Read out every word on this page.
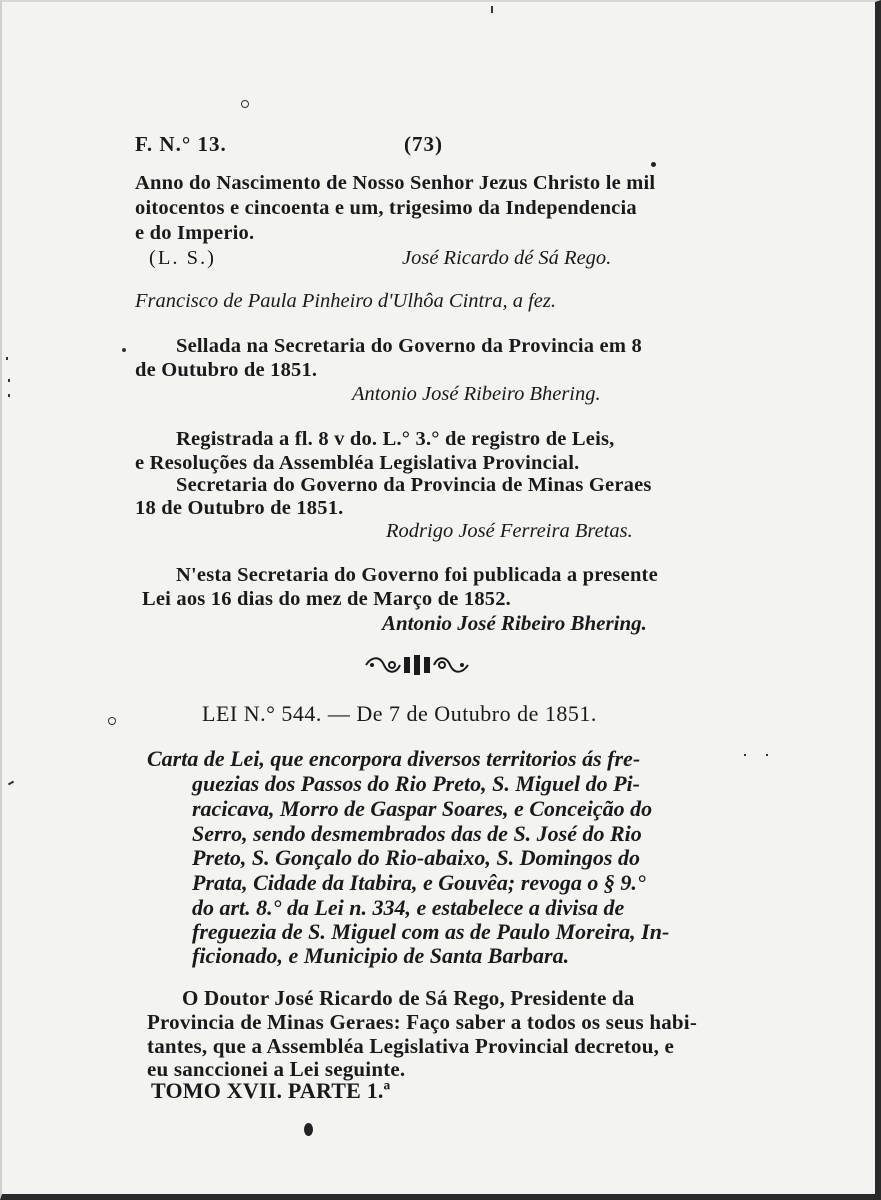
F. N.° 13.	(73)
Anno do Nascimento de Nosso Senhor Jezus Christo le mil
oitocentos e cincoenta e um, trigesimo da Independencia
e do Imperio.
(L. S.)	José Ricardo dé Sá Rego.
Francisco de Paula Pinheiro d'Ulhôa Cintra, a fez.
Sellada na Secretaria do Governo da Provincia em 8
de Outubro de 1851.
Antonio José Ribeiro Bhering.
Registrada a fl. 8 v do. L.° 3.° de registro de Leis,
e Resoluções da Assembléa Legislativa Provincial.
Secretaria do Governo da Provincia de Minas Geraes
18 de Outubro de 1851.
Rodrigo José Ferreira Bretas.
N'esta Secretaria do Governo foi publicada a presente
Lei aos 16 dias do mez de Março de 1852.
Antonio José Ribeiro Bhering.
LEI N.° 544. — De 7 de Outubro de 1851.
Carta de Lei, que encorpora diversos territorios ás fre-
guezias dos Passos do Rio Preto, S. Miguel do Pi-
racicava, Morro de Gaspar Soares, e Conceição do
Serro, sendo desmembrados das de S. José do Rio
Preto, S. Gonçalo do Rio-abaixo, S. Domingos do
Prata, Cidade da Itabira, e Gouvêa; revoga o § 9.°
do art. 8.° da Lei n. 334, e estabelece a divisa de
freguezia de S. Miguel com as de Paulo Moreira, In-
ficionado, e Municipio de Santa Barbara.
O Doutor José Ricardo de Sá Rego, Presidente da
Provincia de Minas Geraes: Faço saber a todos os seus habi-
tantes, que a Assembléa Legislativa Provincial decretou, e
eu sanccionei a Lei seguinte.
TOMO XVII. PARTE 1.ª
